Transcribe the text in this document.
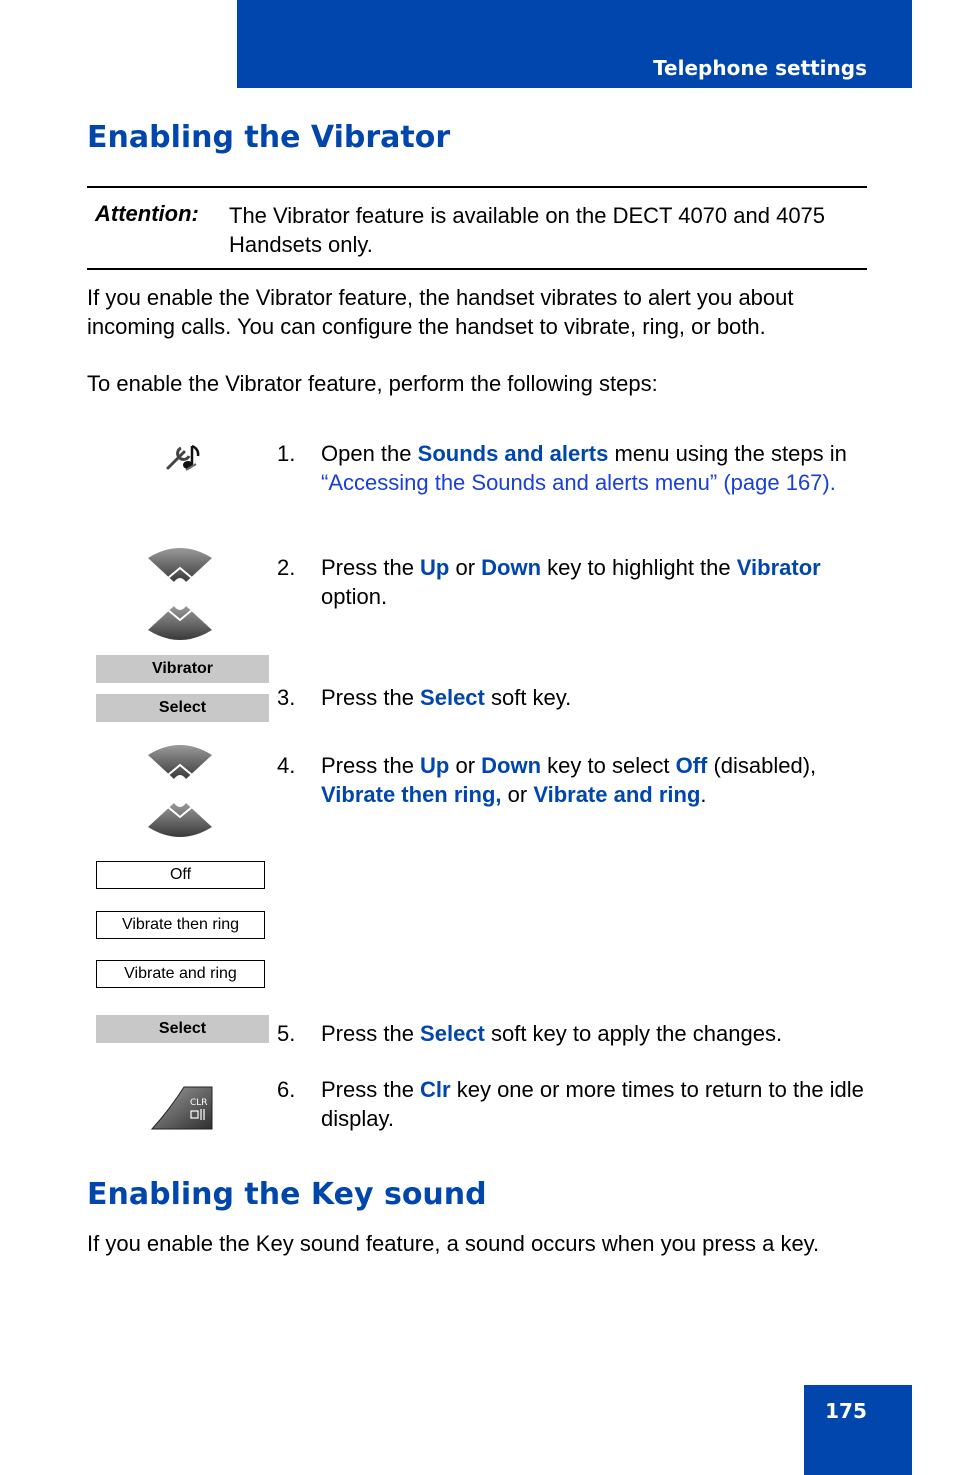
Telephone settings
Enabling the Vibrator
Attention: The Vibrator feature is available on the DECT 4070 and 4075 Handsets only.

If you enable the Vibrator feature, the handset vibrates to alert you about incoming calls. You can configure the handset to vibrate, ring, or both.

To enable the Vibrator feature, perform the following steps:

1. Open the Sounds and alerts menu using the steps in “Accessing the Sounds and alerts menu” (page 167).
2. Press the Up or Down key to highlight the Vibrator option.
Vibrator
Select	3. Press the Select soft key.
4. Press the Up or Down key to select Off (disabled), Vibrate then ring, or Vibrate and ring.
Off
Vibrate then ring
Vibrate and ring
Select	5. Press the Select soft key to apply the changes.
CLR
6. Press the Clr key one or more times to return to the idle display.
Enabling the Key sound

If you enable the Key sound feature, a sound occurs when you press a key.

175
